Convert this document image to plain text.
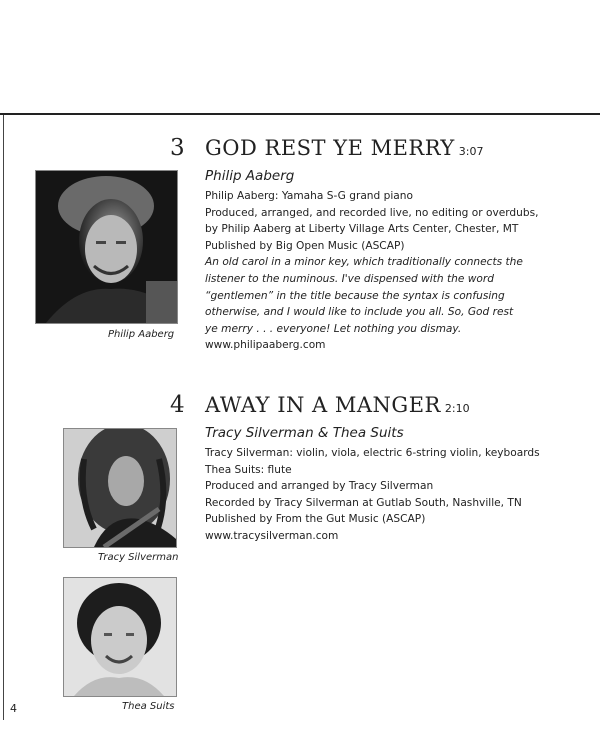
Philip Aaberg
Tracy Silverman
Thea Suits
3 GOD REST YE MERRY 3:07
Philip Aaberg
Philip Aaberg: Yamaha S-G grand piano
Produced, arranged, and recorded live, no editing or overdubs,
by Philip Aaberg at Liberty Village Arts Center, Chester, MT
Published by Big Open Music (ASCAP)
An old carol in a minor key, which traditionally connects the
listener to the numinous. I've dispensed with the word
“gentlemen” in the title because the syntax is confusing
otherwise, and I would like to include you all. So, God rest
ye merry . . . everyone! Let nothing you dismay.
www.philipaaberg.com
4 AWAY IN A MANGER 2:10
Tracy Silverman & Thea Suits
Tracy Silverman: violin, viola, electric 6-string violin, keyboards
Thea Suits: flute
Produced and arranged by Tracy Silverman
Recorded by Tracy Silverman at Gutlab South, Nashville, TN
Published by From the Gut Music (ASCAP)
www.tracysilverman.com
4
